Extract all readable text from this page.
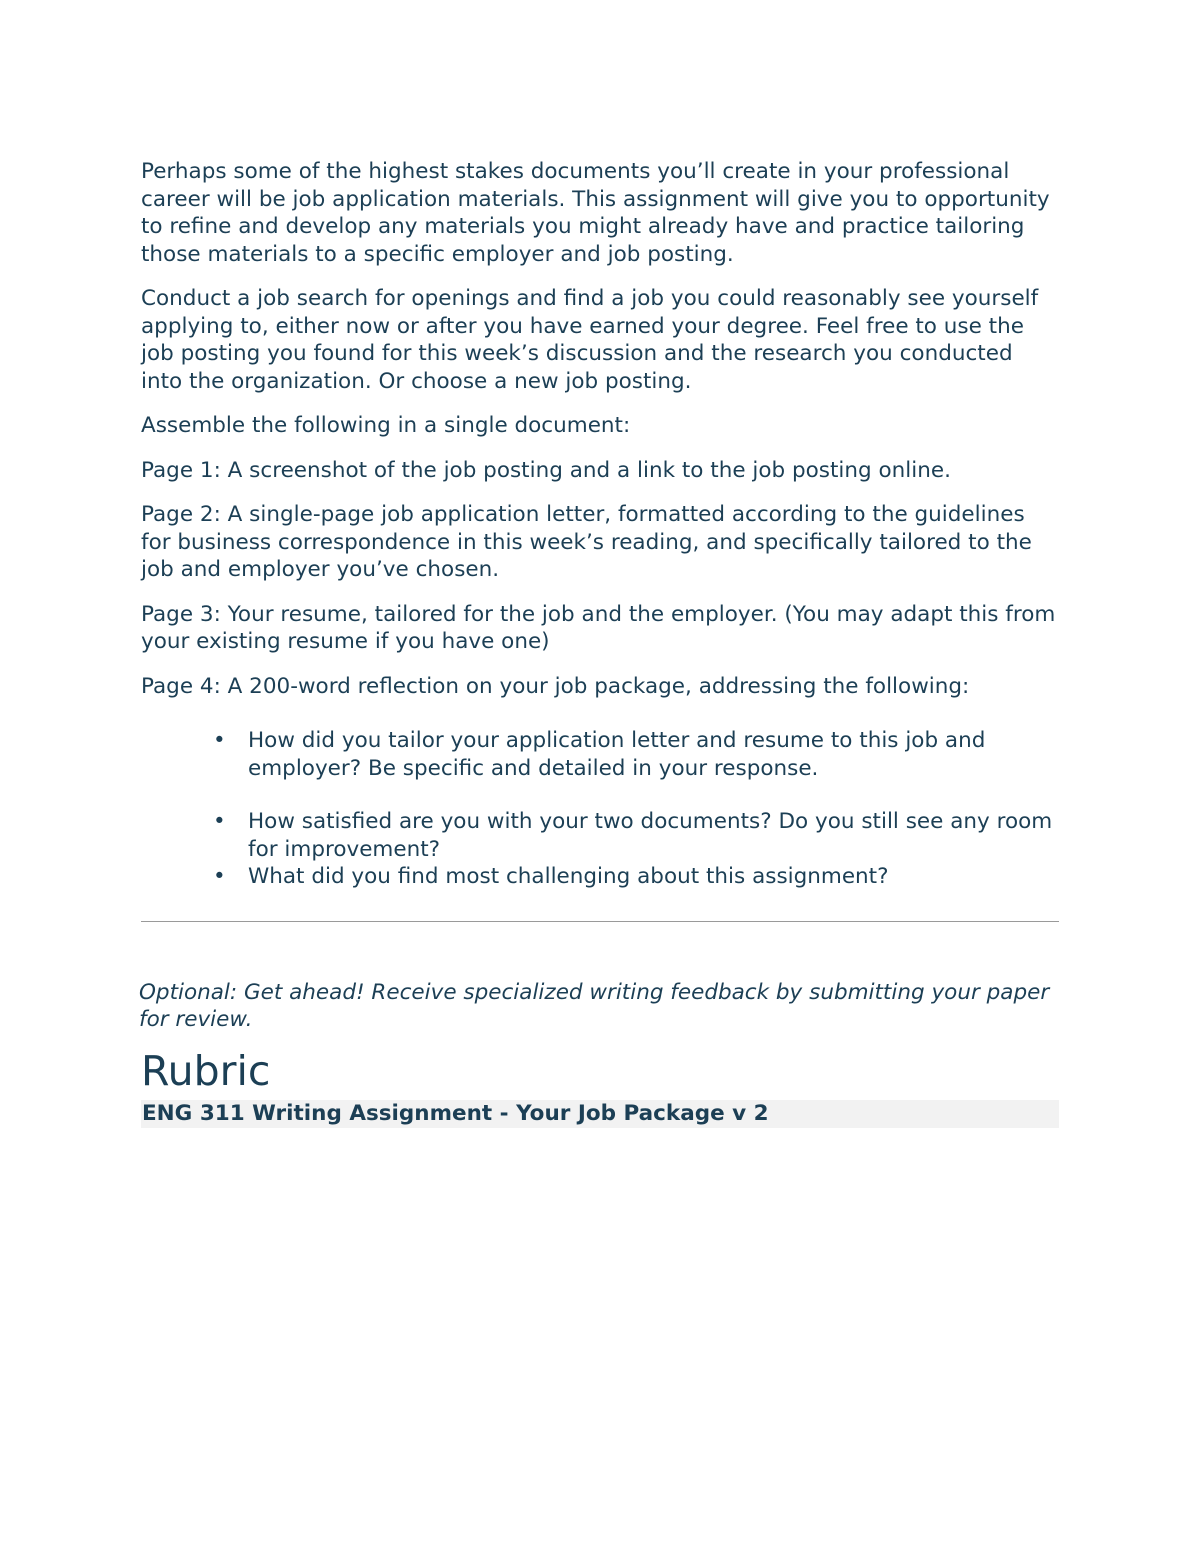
Perhaps some of the highest stakes documents you’ll create in your professional career will be job application materials. This assignment will give you to opportunity to refine and develop any materials you might already have and practice tailoring those materials to a specific employer and job posting.

Conduct a job search for openings and find a job you could reasonably see yourself applying to, either now or after you have earned your degree. Feel free to use the job posting you found for this week’s discussion and the research you conducted into the organization. Or choose a new job posting.

Assemble the following in a single document:

Page 1: A screenshot of the job posting and a link to the job posting online.

Page 2: A single-page job application letter, formatted according to the guidelines for business correspondence in this week’s reading, and specifically tailored to the job and employer you’ve chosen.

Page 3: Your resume, tailored for the job and the employer. (You may adapt this from your existing resume if you have one)

Page 4: A 200-word reflection on your job package, addressing the following:

• How did you tailor your application letter and resume to this job and employer? Be specific and detailed in your response.
• How satisfied are you with your two documents? Do you still see any room for improvement?
• What did you find most challenging about this assignment?

Optional: Get ahead! Receive specialized writing feedback by submitting your paper for review.

Rubric
ENG 311 Writing Assignment - Your Job Package v 2
